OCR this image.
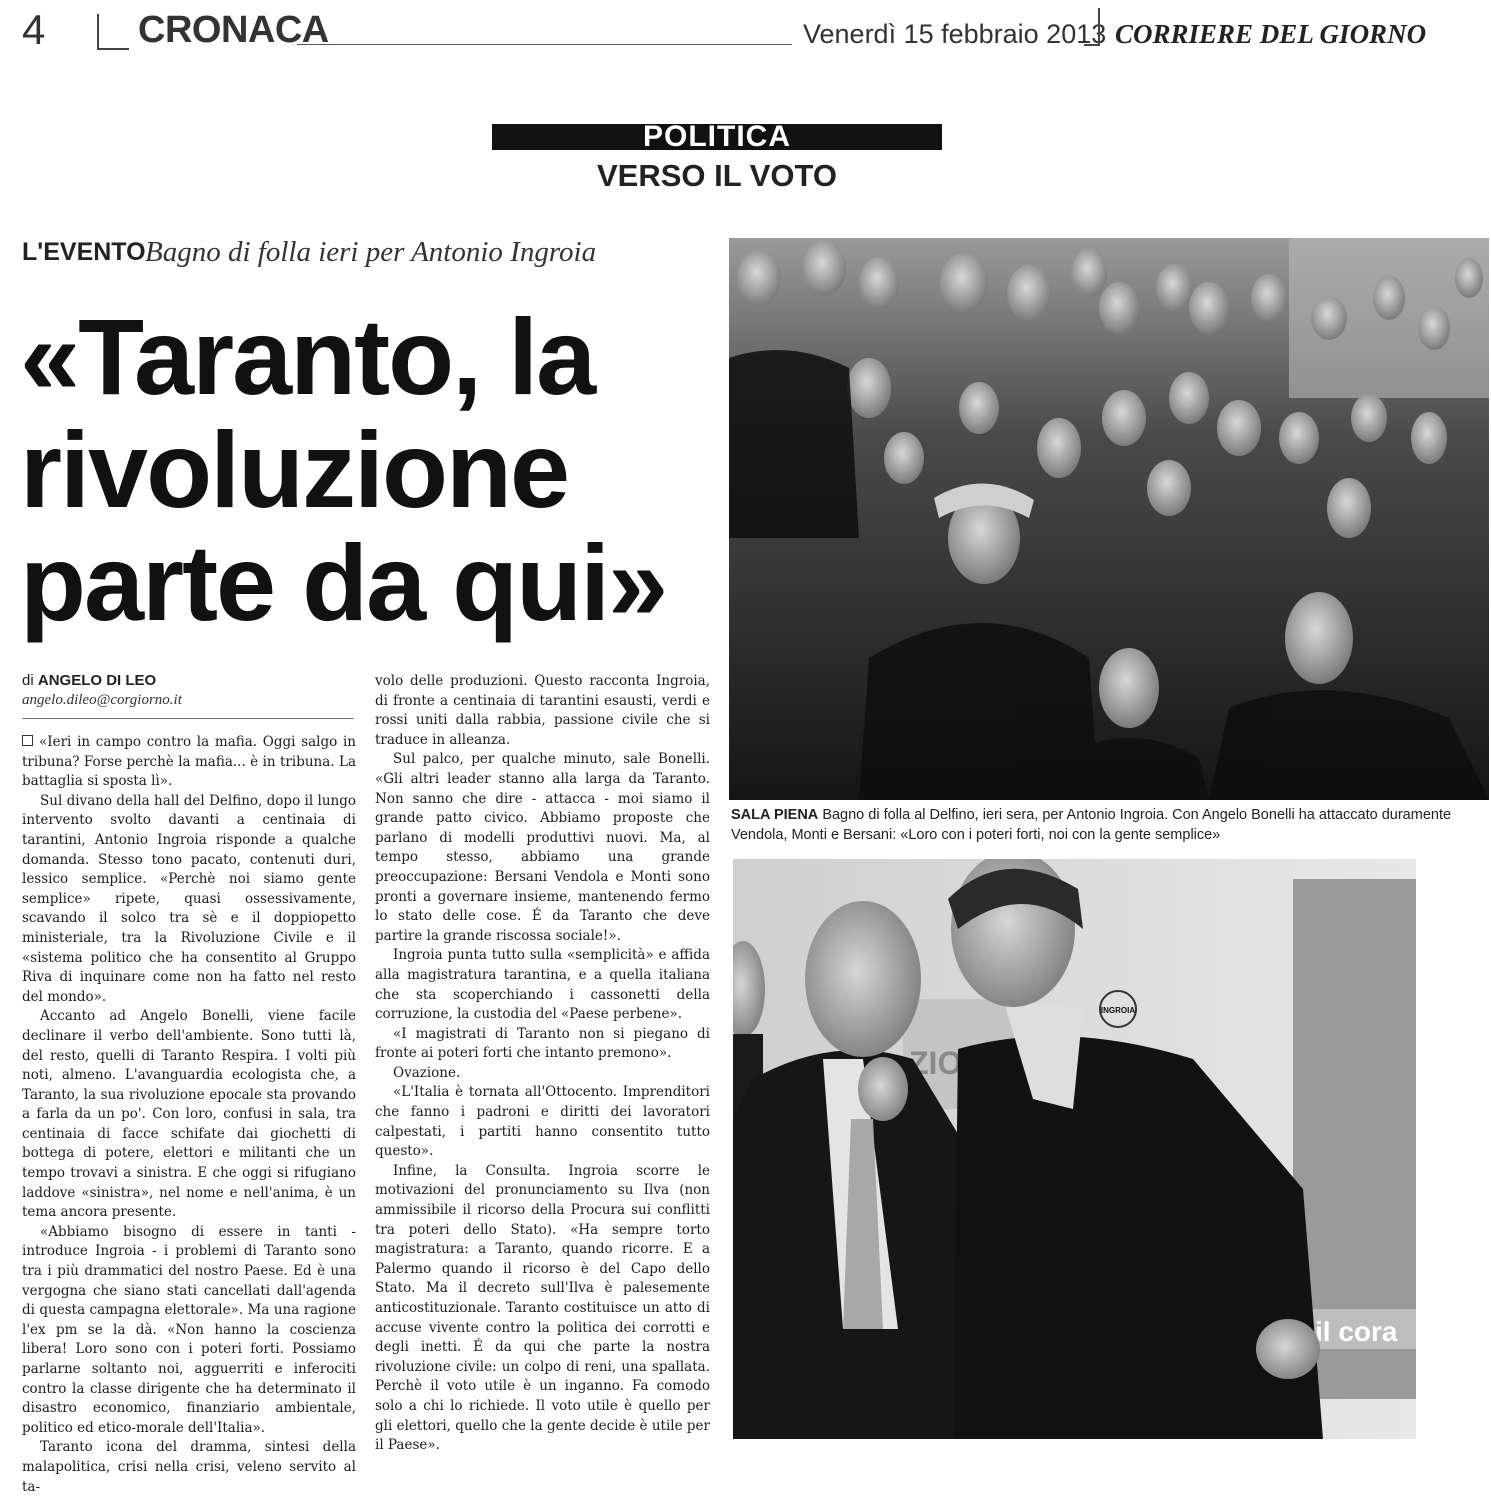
4 CRONACA	Venerdì 15 febbraio 2013 CORRIERE DEL GIORNO
POLITICA
VERSO IL VOTO
L'EVENTO Bagno di folla ieri per Antonio Ingroia
«Taranto, la rivoluzione parte da qui»
di ANGELO DI LEO
angelo.dileo@corgiorno.it

«Ieri in campo contro la mafia. Oggi salgo in tribuna? Forse perchè la mafia... è in tribuna. La battaglia si sposta lì».

Sul divano della hall del Delfino, dopo il lungo intervento svolto davanti a centinaia di tarantini, Antonio Ingroia risponde a qualche domanda. Stesso tono pacato, contenuti duri, lessico semplice. «Perchè noi siamo gente semplice» ripete, quasi ossessivamente, scavando il solco tra sè e il doppiopetto ministeriale, tra la Rivoluzione Civile e il «sistema politico che ha consentito al Gruppo Riva di inquinare come non ha fatto nel resto del mondo».

Accanto ad Angelo Bonelli, viene facile declinare il verbo dell'ambiente. Sono tutti là, del resto, quelli di Taranto Respira. I volti più noti, almeno. L'avanguardia ecologista che, a Taranto, la sua rivoluzione epocale sta provando a farla da un po'. Con loro, confusi in sala, tra centinaia di facce schifate dai giochetti di bottega di potere, elettori e militanti che un tempo trovavi a sinistra. E che oggi si rifugiano laddove «sinistra», nel nome e nell'anima, è un tema ancora presente.

«Abbiamo bisogno di essere in tanti - introduce Ingroia - i problemi di Taranto sono tra i più drammatici del nostro Paese. Ed è una vergogna che siano stati cancellati dall'agenda di questa campagna elettorale». Ma una ragione l'ex pm se la dà. «Non hanno la coscienza libera! Loro sono con i poteri forti. Possiamo parlarne soltanto noi, agguerriti e inferociti contro la classe dirigente che ha determinato il disastro economico, finanziario ambientale, politico ed etico-morale dell'Italia».

Taranto icona del dramma, sintesi della malapolitica, crisi nella crisi, veleno servito al ta-

volo delle produzioni. Questo racconta Ingroia, di fronte a centinaia di tarantini esausti, verdi e rossi uniti dalla rabbia, passione civile che si traduce in alleanza.

Sul palco, per qualche minuto, sale Bonelli. «Gli altri leader stanno alla larga da Taranto. Non sanno che dire - attacca - moi siamo il grande patto civico. Abbiamo proposte che parlano di modelli produttivi nuovi. Ma, al tempo stesso, abbiamo una grande preoccupazione: Bersani Vendola e Monti sono pronti a governare insieme, mantenendo fermo lo stato delle cose. É da Taranto che deve partire la grande riscossa sociale!».

Ingroia punta tutto sulla «semplicità» e affida alla magistratura tarantina, e a quella italiana che sta scoperchiando i cassonetti della corruzione, la custodia del «Paese perbene».

«I magistrati di Taranto non si piegano di fronte ai poteri forti che intanto premono».

Ovazione.

«L'Italia è tornata all'Ottocento. Imprenditori che fanno i padroni e diritti dei lavoratori calpestati, i partiti hanno consentito tutto questo».

Infine, la Consulta. Ingroia scorre le motivazioni del pronunciamento su Ilva (non ammissibile il ricorso della Procura sui conflitti tra poteri dello Stato). «Ha sempre torto magistratura: a Taranto, quando ricorre. E a Palermo quando il ricorso è del Capo dello Stato. Ma il decreto sull'Ilva è palesemente anticostituzionale. Taranto costituisce un atto di accuse vivente contro la politica dei corrotti e degli inetti. É da qui che parte la nostra rivoluzione civile: un colpo di reni, una spallata. Perchè il voto utile è un inganno. Fa comodo solo a chi lo richiede. Il voto utile è quello per gli elettori, quello che la gente decide è utile per il Paese».

SALA PIENA Bagno di folla al Delfino, ieri sera, per Antonio Ingroia. Con Angelo Bonelli ha attaccato duramente Vendola, Monti e Bersani: «Loro con i poteri forti, noi con la gente semplice»
il cora
INGROIA
